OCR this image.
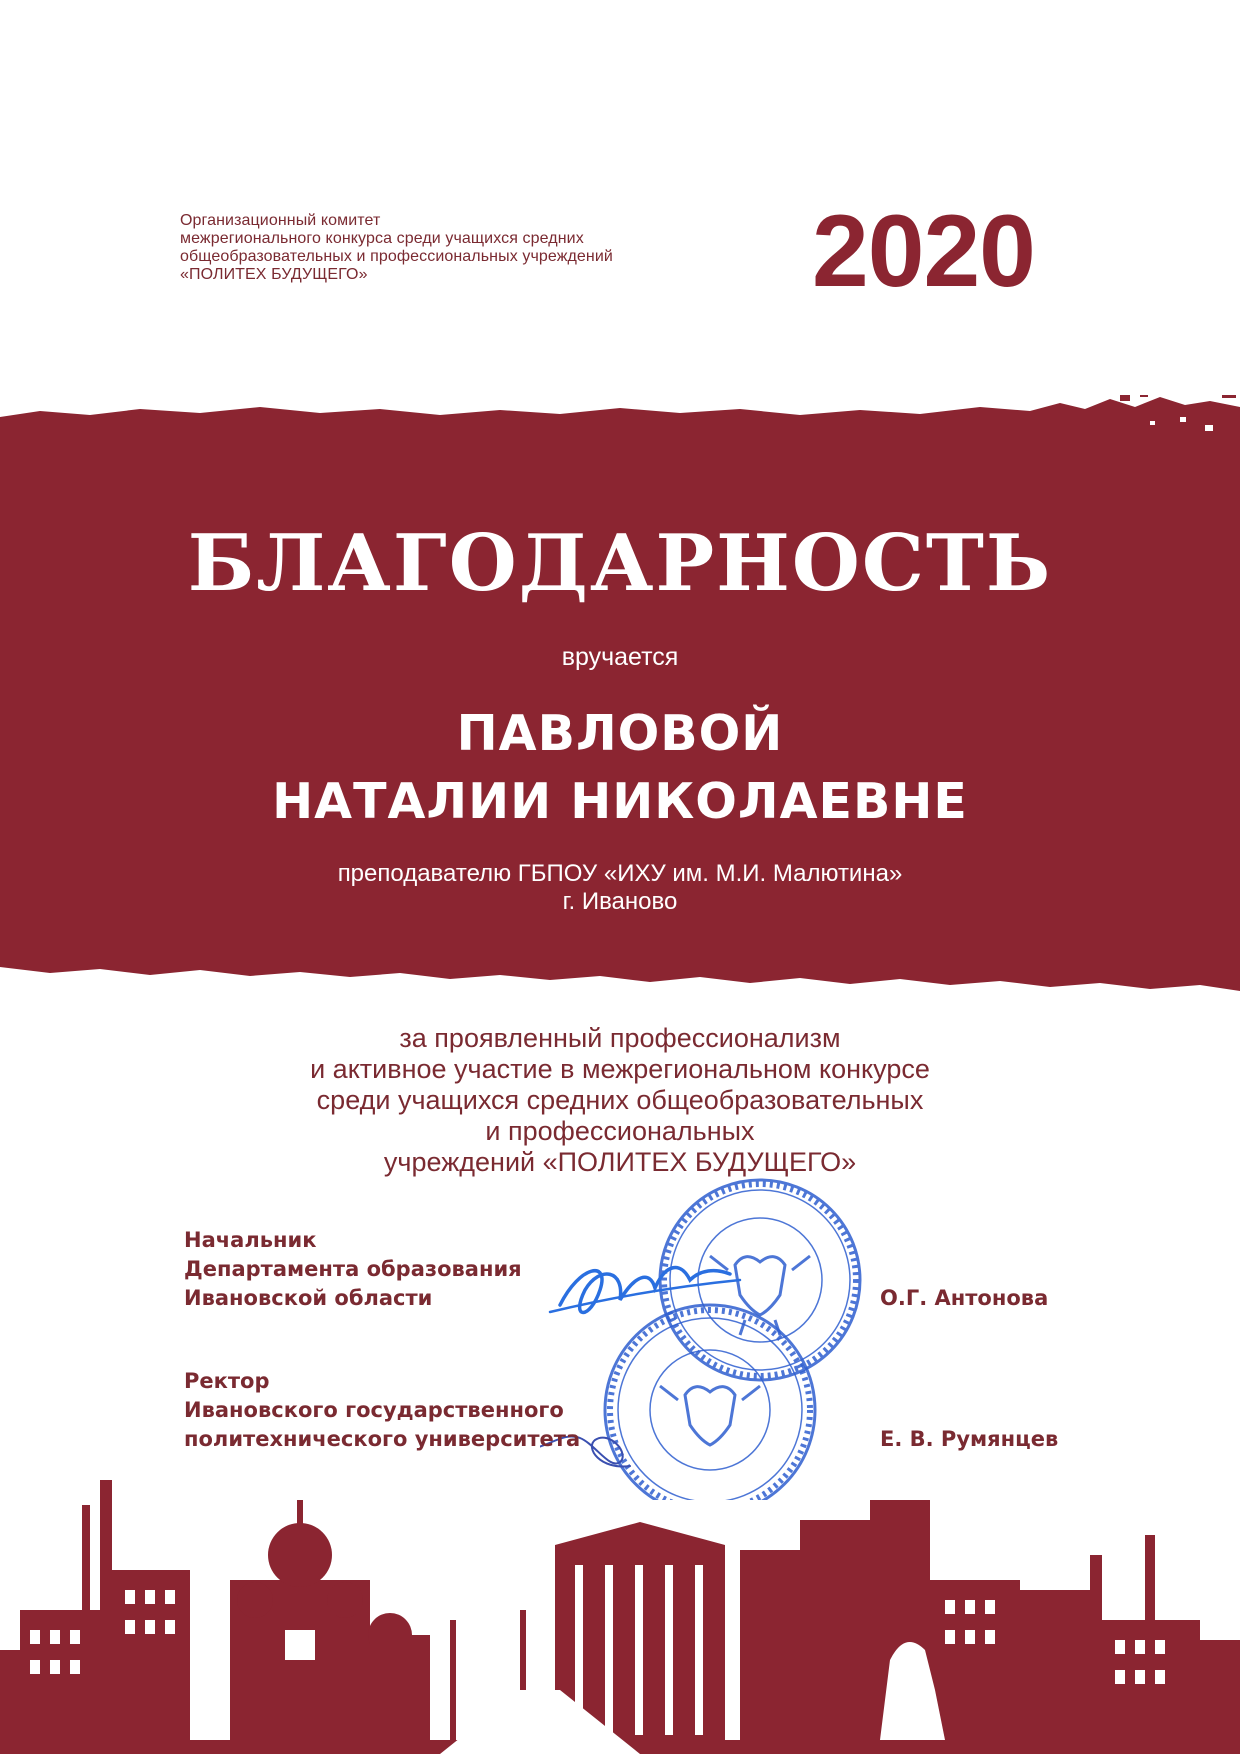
Организационный комитет
межрегионального конкурса среди учащихся средних
общеобразовательных и профессиональных учреждений
«ПОЛИТЕХ БУДУЩЕГО»	2020
БЛАГОДАРНОСТЬ
вручается
ПАВЛОВОЙ
НАТАЛИИ НИКОЛАЕВНЕ
преподавателю ГБПОУ «ИХУ им. М.И. Малютина»
г. Иваново
за проявленный профессионализм
и активное участие в межрегиональном конкурсе
среди учащихся средних общеобразовательных
и профессиональных
учреждений «ПОЛИТЕХ БУДУЩЕГО»
Начальник
Департамента образования
Ивановской области	О.Г. Антонова
Ректор
Ивановского государственного
политехнического университета	Е. В. Румянцев
